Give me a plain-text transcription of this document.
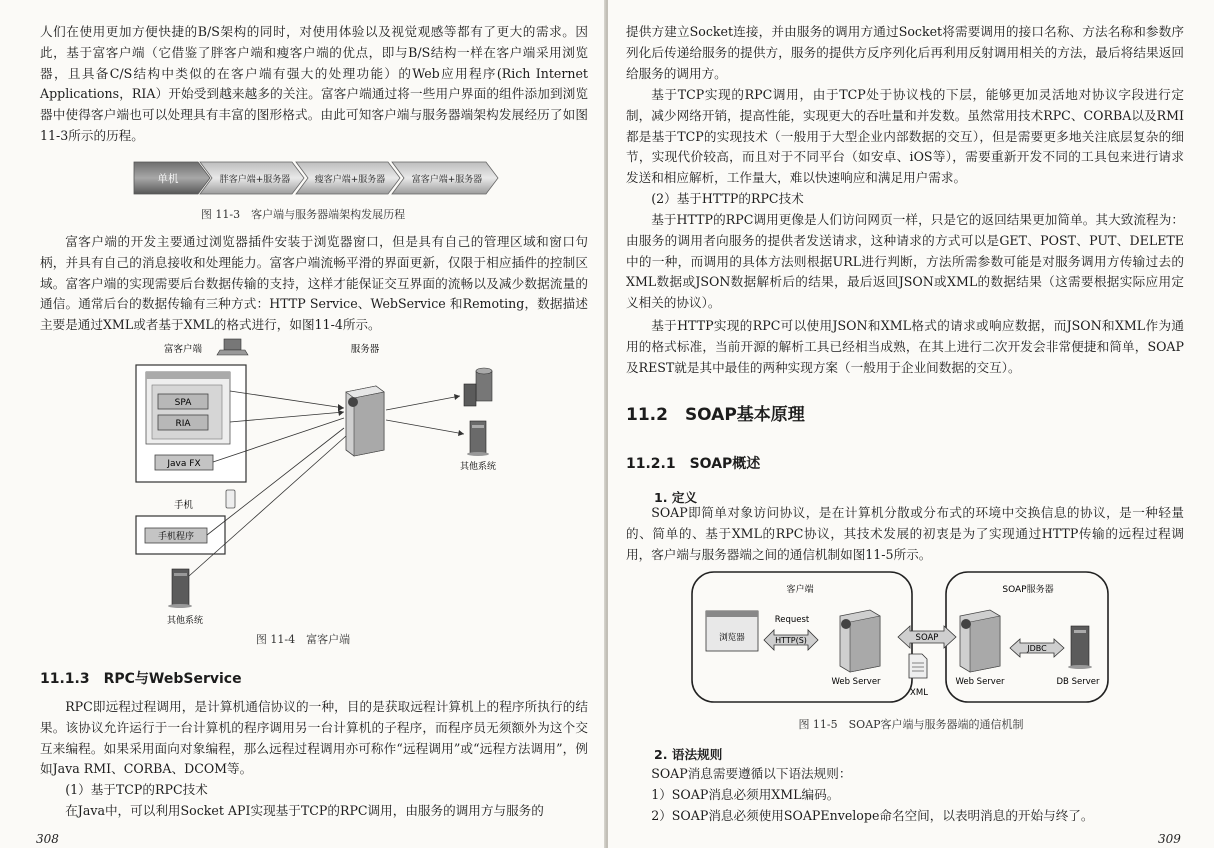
人们在使用更加方便快捷的B/S架构的同时，对使用体验以及视觉观感等都有了更大的需求。因此，基于富客户端（它借鉴了胖客户端和瘦客户端的优点，即与B/S结构一样在客户端采用浏览器，且具备C/S结构中类似的在客户端有强大的处理功能）的Web应用程序(Rich Internet Applications，RIA）开始受到越来越多的关注。富客户端通过将一些用户界面的组件添加到浏览器中使得客户端也可以处理具有丰富的图形格式。由此可知客户端与服务器端架构发展经历了如图11-3所示的历程。

单机	胖客户端+服务器	瘦客户端+服务器	富客户端+服务器
图 11-3　客户端与服务器端架构发展历程

富客户端的开发主要通过浏览器插件安装于浏览器窗口，但是具有自己的管理区域和窗口句柄，并具有自己的消息接收和处理能力。富客户端流畅平滑的界面更新，仅限于相应插件的控制区域。富客户端的实现需要后台数据传输的支持，这样才能保证交互界面的流畅以及减少数据流量的通信。通常后台的数据传输有三种方式：HTTP Service、WebService 和Remoting，数据描述主要是通过XML或者基于XML的格式进行，如图11-4所示。

富客户端	服务器
SPA
RIA
Java FX
手机
手机程序
其他系统
其他系统
图 11-4　富客户端
11.1.3　RPC与WebService

RPC即远程过程调用，是计算机通信协议的一种，目的是获取远程计算机上的程序所执行的结果。该协议允许运行于一台计算机的程序调用另一台计算机的子程序，而程序员无须额外为这个交互来编程。如果采用面向对象编程，那么远程过程调用亦可称作“远程调用”或“远程方法调用”，例如Java RMI、CORBA、DCOM等。

(1）基于TCP的RPC技术

在Java中，可以利用Socket API实现基于TCP的RPC调用，由服务的调用方与服务的

308

提供方建立Socket连接，并由服务的调用方通过Socket将需要调用的接口名称、方法名称和参数序列化后传递给服务的提供方，服务的提供方反序列化后再利用反射调用相关的方法，最后将结果返回给服务的调用方。

基于TCP实现的RPC调用，由于TCP处于协议栈的下层，能够更加灵活地对协议字段进行定制，减少网络开销，提高性能，实现更大的吞吐量和并发数。虽然常用技术RPC、CORBA以及RMI都是基于TCP的实现技术（一般用于大型企业内部数据的交互），但是需要更多地关注底层复杂的细节，实现代价较高，而且对于不同平台（如安卓、iOS等），需要重新开发不同的工具包来进行请求发送和相应解析，工作量大，难以快速响应和满足用户需求。

(2）基于HTTP的RPC技术

基于HTTP的RPC调用更像是人们访问网页一样，只是它的返回结果更加简单。其大致流程为：由服务的调用者向服务的提供者发送请求，这种请求的方式可以是GET、POST、PUT、DELETE中的一种，而调用的具体方法则根据URL进行判断，方法所需参数可能是对服务调用方传输过去的XML数据或JSON数据解析后的结果，最后返回JSON或XML的数据结果（这需要根据实际应用定义相关的协议）。

基于HTTP实现的RPC可以使用JSON和XML格式的请求或响应数据，而JSON和XML作为通用的格式标准，当前开源的解析工具已经相当成熟，在其上进行二次开发会非常便捷和简单，SOAP及REST就是其中最佳的两种实现方案（一般用于企业间数据的交互）。

11.2　SOAP基本原理
11.2.1　SOAP概述
1. 定义

SOAP即简单对象访问协议，是在计算机分散或分布式的环境中交换信息的协议，是一种轻量的、简单的、基于XML的RPC协议，其技术发展的初衷是为了实现通过HTTP传输的远程过程调用，客户端与服务器端之间的通信机制如图11-5所示。

客户端	SOAP服务器
浏览器
Request
HTTP(S)
Web Server
SOAP
XML
Web Server
JDBC
DB Server
图 11-5　SOAP客户端与服务器端的通信机制
2. 语法规则

SOAP消息需要遵循以下语法规则：

1）SOAP消息必须用XML编码。

2）SOAP消息必须使用SOAPEnvelope命名空间，以表明消息的开始与终了。

309
